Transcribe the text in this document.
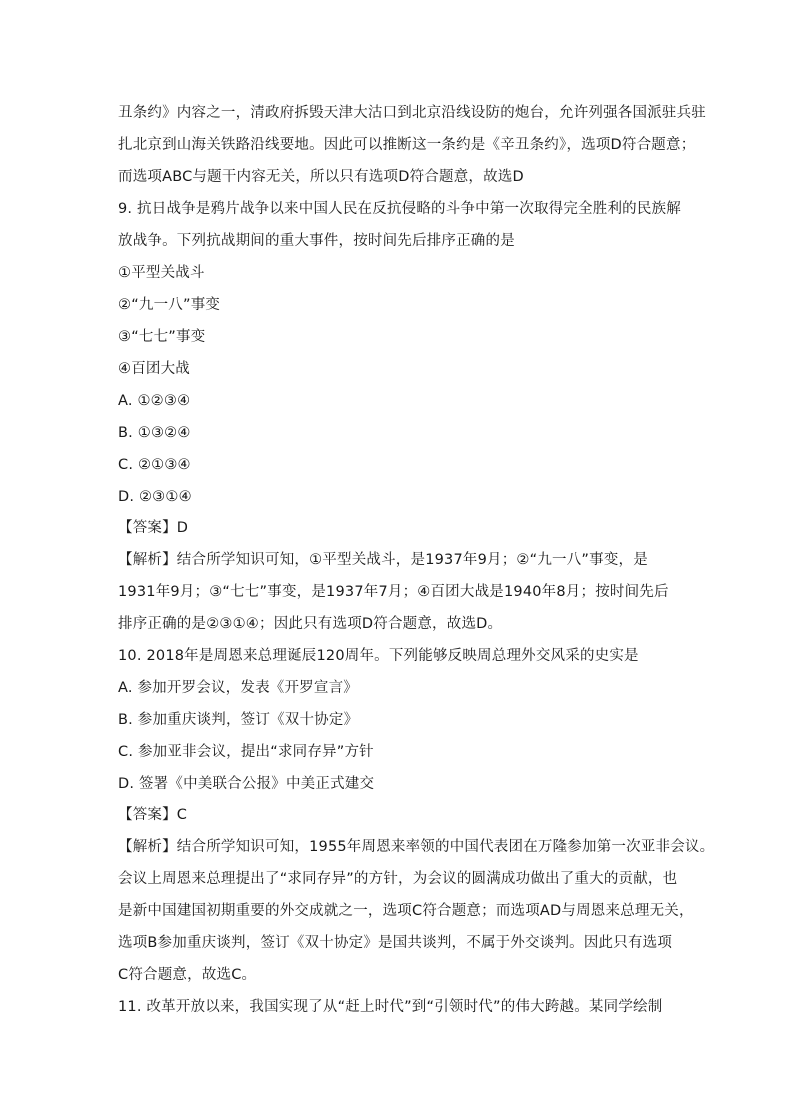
丑条约》内容之一，清政府拆毁天津大沽口到北京沿线设防的炮台，允许列强各国派驻兵驻
扎北京到山海关铁路沿线要地。因此可以推断这一条约是《辛丑条约》，选项D符合题意；
而选项ABC与题干内容无关，所以只有选项D符合题意，故选D
9. 抗日战争是鸦片战争以来中国人民在反抗侵略的斗争中第一次取得完全胜利的民族解
放战争。下列抗战期间的重大事件，按时间先后排序正确的是
①平型关战斗
②“九一八”事变
③“七七”事变
④百团大战
A. ①②③④
B. ①③②④
C. ②①③④
D. ②③①④
【答案】D
【解析】结合所学知识可知，①平型关战斗，是1937年9月；②“九一八”事变，是
1931年9月；③“七七”事变，是1937年7月；④百团大战是1940年8月；按时间先后
排序正确的是②③①④；因此只有选项D符合题意，故选D。
10. 2018年是周恩来总理诞辰120周年。下列能够反映周总理外交风采的史实是
A. 参加开罗会议，发表《开罗宣言》
B. 参加重庆谈判，签订《双十协定》
C. 参加亚非会议，提出“求同存异”方针
D. 签署《中美联合公报》中美正式建交
【答案】C
【解析】结合所学知识可知，1955年周恩来率领的中国代表团在万隆参加第一次亚非会议。
会议上周恩来总理提出了“求同存异”的方针，为会议的圆满成功做出了重大的贡献，也
是新中国建国初期重要的外交成就之一，选项C符合题意；而选项AD与周恩来总理无关，
选项B参加重庆谈判，签订《双十协定》是国共谈判，不属于外交谈判。因此只有选项
C符合题意，故选C。
11. 改革开放以来，我国实现了从“赶上时代”到“引领时代”的伟大跨越。某同学绘制
